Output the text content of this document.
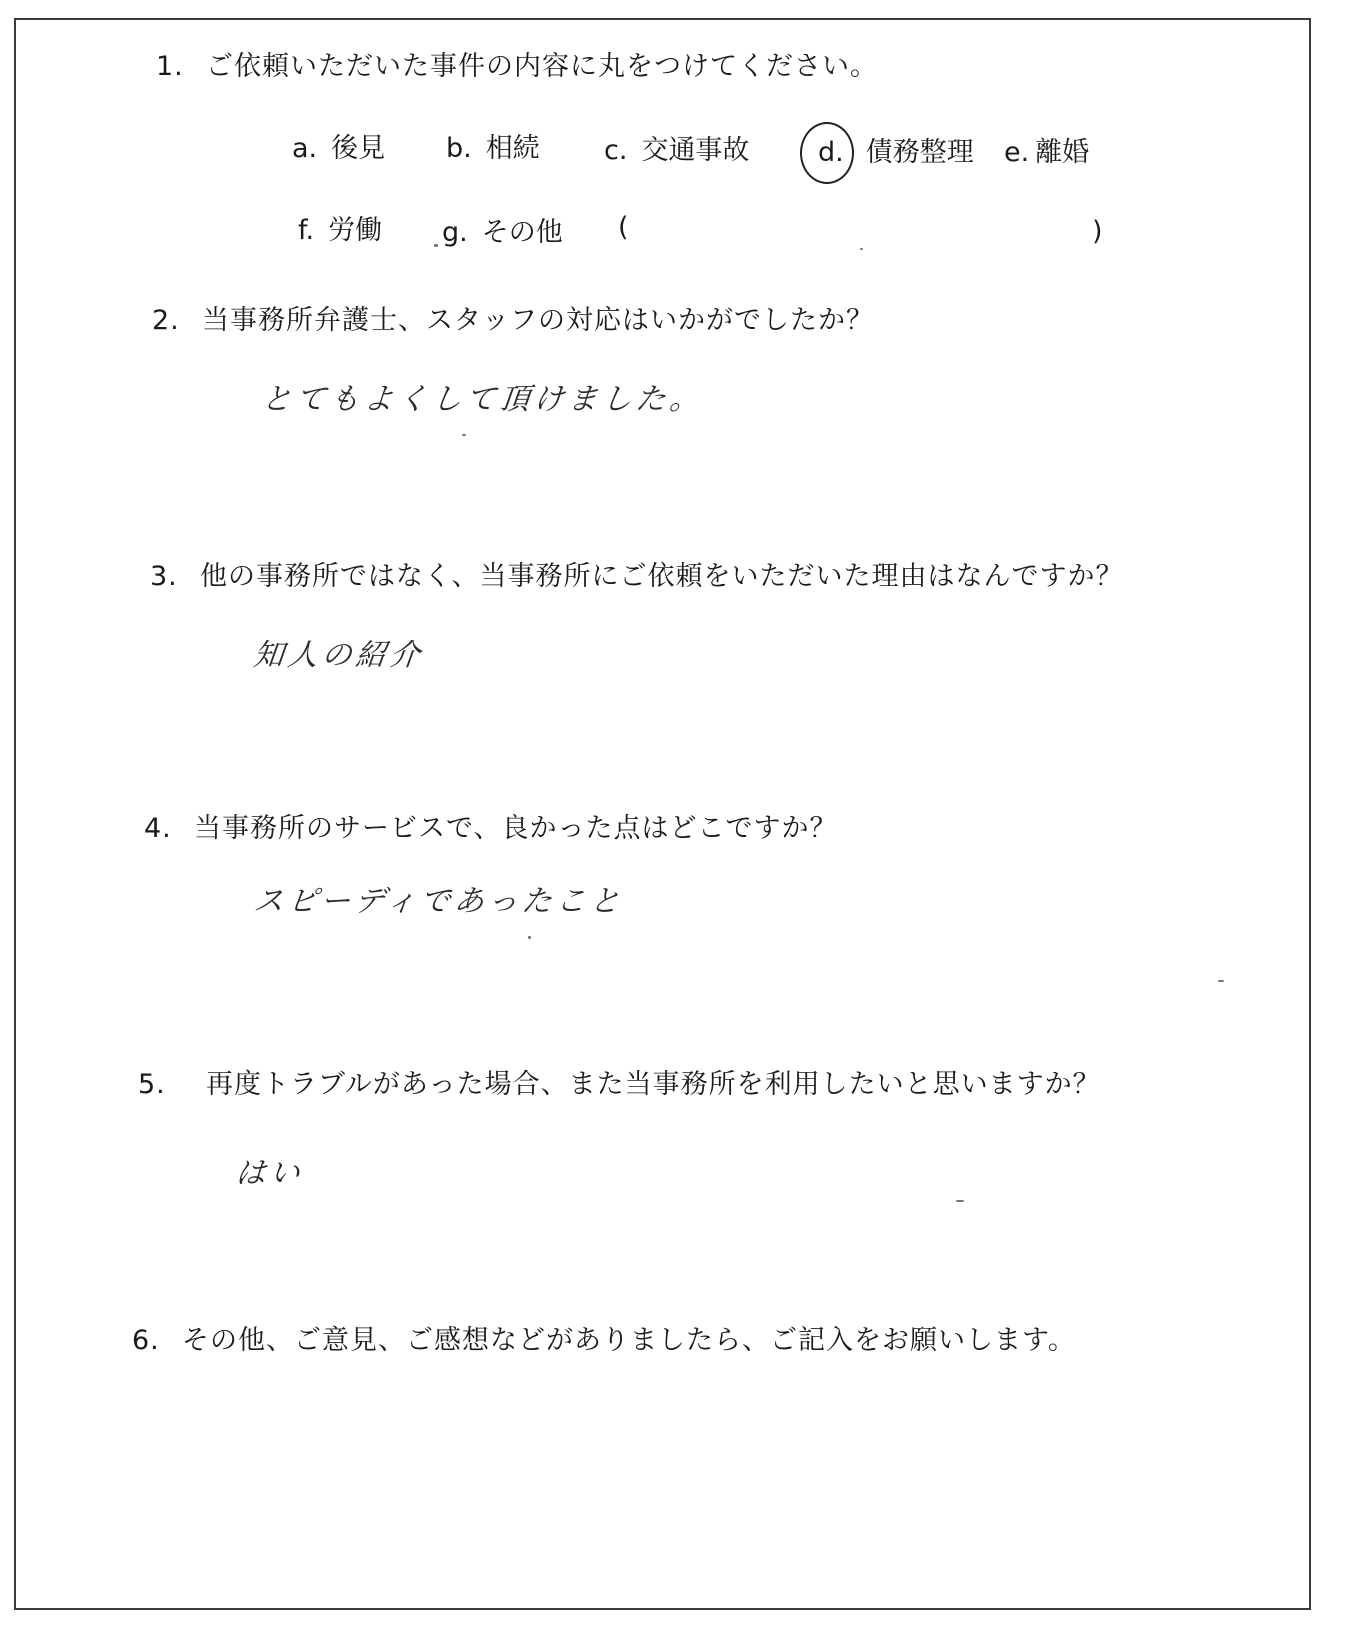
1. ご依頼いただいた事件の内容に丸をつけてください。
a. 後見 b. 相続 c. 交通事故	d. 債務整理 e. 離婚
f. 労働 g. その他 (	)
2. 当事務所弁護士、スタッフの対応はいかがでしたか？
とてもよくして頂けました。
3. 他の事務所ではなく、当事務所にご依頼をいただいた理由はなんですか？
知人の紹介
4. 当事務所のサービスで、良かった点はどこですか？
スピーディであったこと
5. 再度トラブルがあった場合、また当事務所を利用したいと思いますか？
はい
6. その他、ご意見、ご感想などがありましたら、ご記入をお願いします。
